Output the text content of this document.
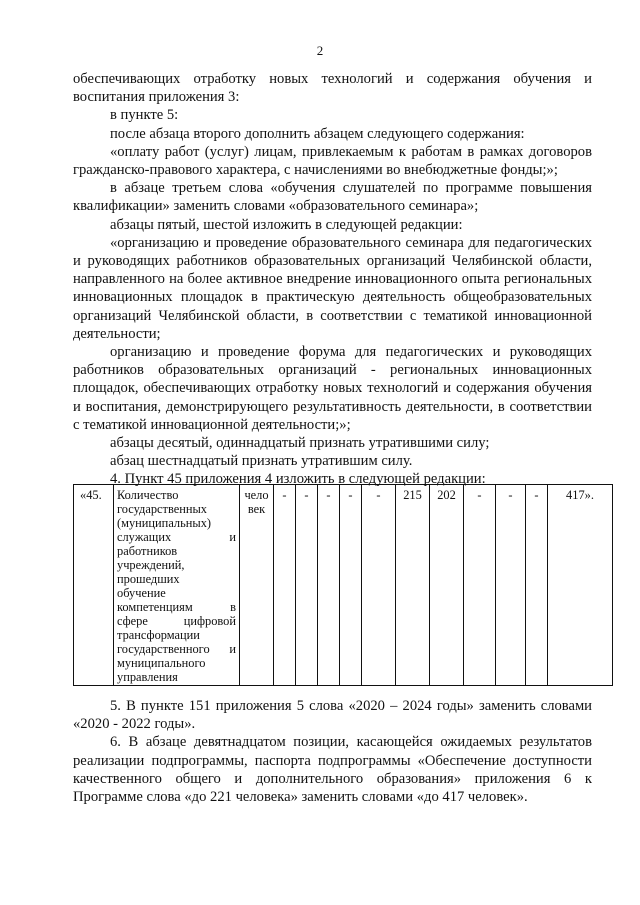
2

обеспечивающих отработку новых технологий и содержания обучения и воспитания приложения 3:

в пункте 5:

после абзаца второго дополнить абзацем следующего содержания:

«оплату работ (услуг) лицам, привлекаемым к работам в рамках договоров гражданско-правового характера, с начислениями во внебюджетные фонды;»;

в абзаце третьем слова «обучения слушателей по программе повышения квалификации» заменить словами «образовательного семинара»;

абзацы пятый, шестой изложить в следующей редакции:

«организацию и проведение образовательного семинара для педагогических и руководящих работников образовательных организаций Челябинской области, направленного на более активное внедрение инновационного опыта региональных инновационных площадок в практическую деятельность общеобразовательных организаций Челябинской области, в соответствии с тематикой инновационной деятельности;

организацию и проведение форума для педагогических и руководящих работников образовательных организаций - региональных инновационных площадок, обеспечивающих отработку новых технологий и содержания обучения и воспитания, демонстрирующего результативность деятельности, в соответствии с тематикой инновационной деятельности;»;

абзацы десятый, одиннадцатый признать утратившими силу;

абзац шестнадцатый признать утратившим силу.

4. Пункт 45 приложения 4 изложить в следующей редакции:

«45.	Количество
государственных
(муниципальных)
служащих и
работников
учреждений,
прошедших
обучение
компетенциям в
сфере цифровой
трансформации
государственного и
муниципального
управления
	чело
век	-	-	-	-	-	215	202	-	-	-	417».

5. В пункте 151 приложения 5 слова «2020 – 2024 годы» заменить словами «2020 - 2022 годы».

6. В абзаце девятнадцатом позиции, касающейся ожидаемых результатов реализации подпрограммы, паспорта подпрограммы «Обеспечение доступности качественного общего и дополнительного образования» приложения 6 к Программе слова «до 221 человека» заменить словами «до 417 человек».
